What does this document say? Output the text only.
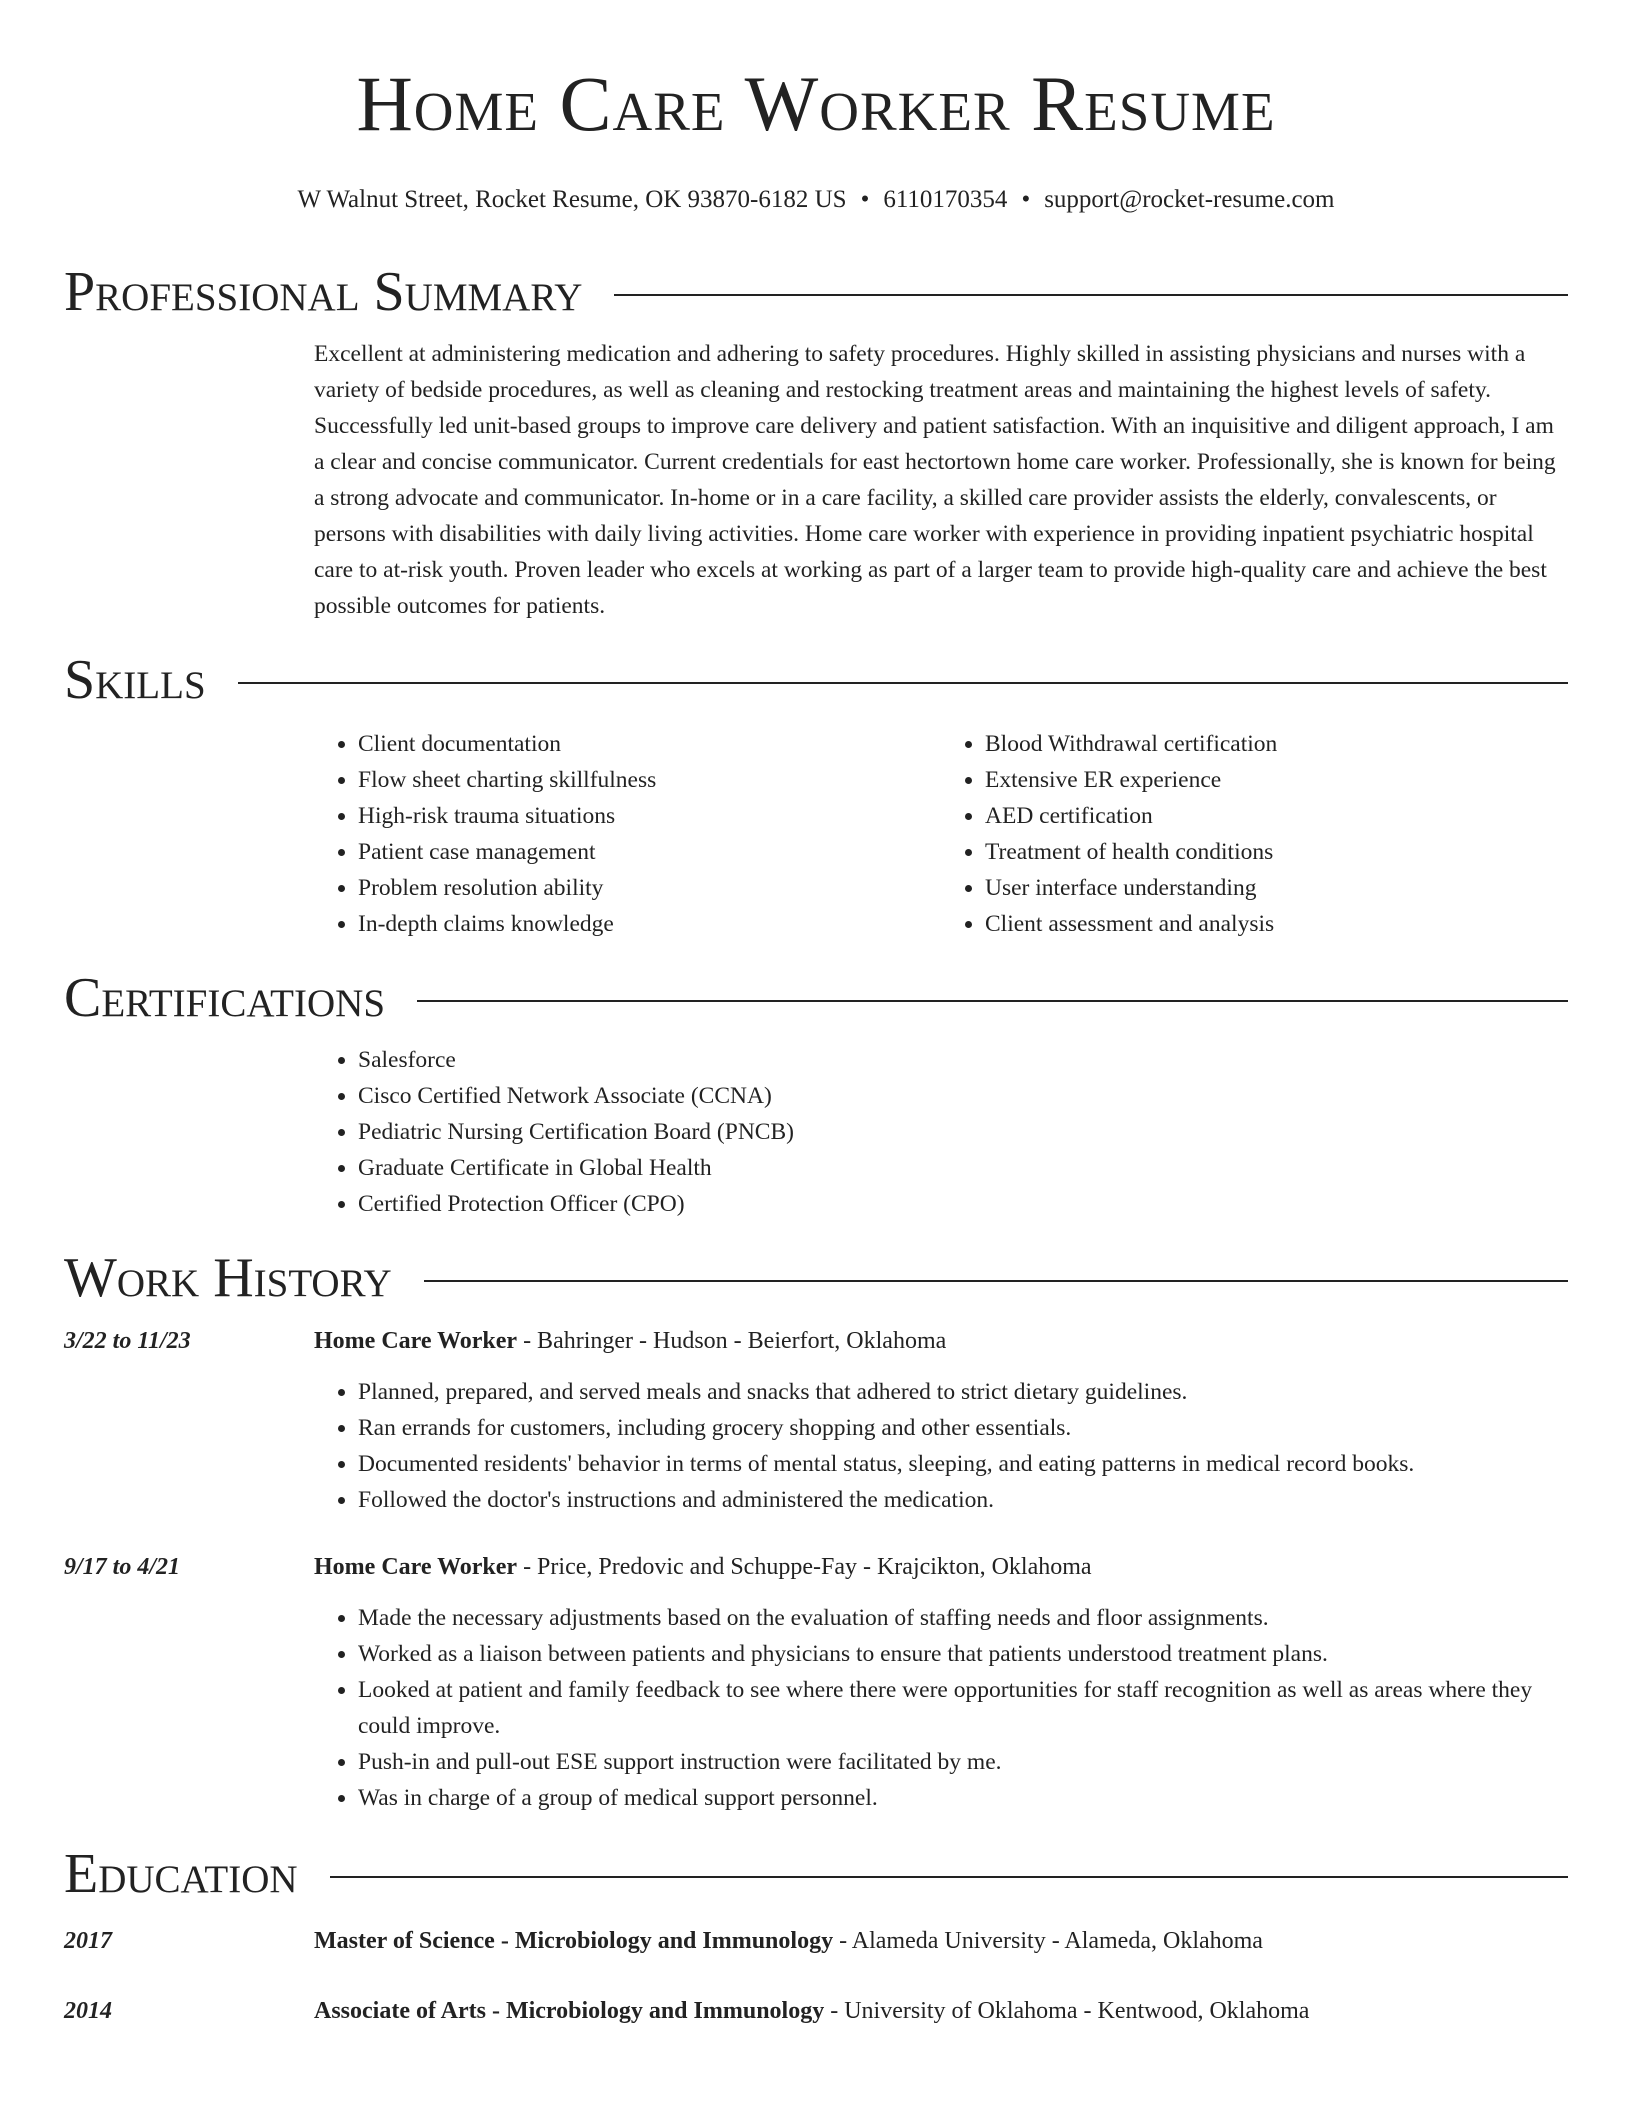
Home Care Worker Resume
W Walnut Street, Rocket Resume, OK 93870-6182 US • 6110170354 • support@rocket-resume.com
Professional Summary

Excellent at administering medication and adhering to safety procedures. Highly skilled in assisting physicians and nurses with a variety of bedside procedures, as well as cleaning and restocking treatment areas and maintaining the highest levels of safety. Successfully led unit-based groups to improve care delivery and patient satisfaction. With an inquisitive and diligent approach, I am a clear and concise communicator. Current credentials for east hectortown home care worker. Professionally, she is known for being a strong advocate and communicator. In-home or in a care facility, a skilled care provider assists the elderly, convalescents, or persons with disabilities with daily living activities. Home care worker with experience in providing inpatient psychiatric hospital care to at-risk youth. Proven leader who excels at working as part of a larger team to provide high-quality care and achieve the best possible outcomes for patients.

Skills
• Client documentation
• Flow sheet charting skillfulness
• High-risk trauma situations
• Patient case management
• Problem resolution ability
• In-depth claims knowledge
• Blood Withdrawal certification
• Extensive ER experience
• AED certification
• Treatment of health conditions
• User interface understanding
• Client assessment and analysis
Certifications
• Salesforce
• Cisco Certified Network Associate (CCNA)
• Pediatric Nursing Certification Board (PNCB)
• Graduate Certificate in Global Health
• Certified Protection Officer (CPO)
Work History
3/22 to 11/23	Home Care Worker - Bahringer - Hudson - Beierfort, Oklahoma
• Planned, prepared, and served meals and snacks that adhered to strict dietary guidelines.
• Ran errands for customers, including grocery shopping and other essentials.
• Documented residents' behavior in terms of mental status, sleeping, and eating patterns in medical record books.
• Followed the doctor's instructions and administered the medication.
9/17 to 4/21	Home Care Worker - Price, Predovic and Schuppe-Fay - Krajcikton, Oklahoma
• Made the necessary adjustments based on the evaluation of staffing needs and floor assignments.
• Worked as a liaison between patients and physicians to ensure that patients understood treatment plans.
• Looked at patient and family feedback to see where there were opportunities for staff recognition as well as areas where they could improve.
• Push-in and pull-out ESE support instruction were facilitated by me.
• Was in charge of a group of medical support personnel.
Education
2017	Master of Science - Microbiology and Immunology - Alameda University - Alameda, Oklahoma
2014	Associate of Arts - Microbiology and Immunology - University of Oklahoma - Kentwood, Oklahoma
